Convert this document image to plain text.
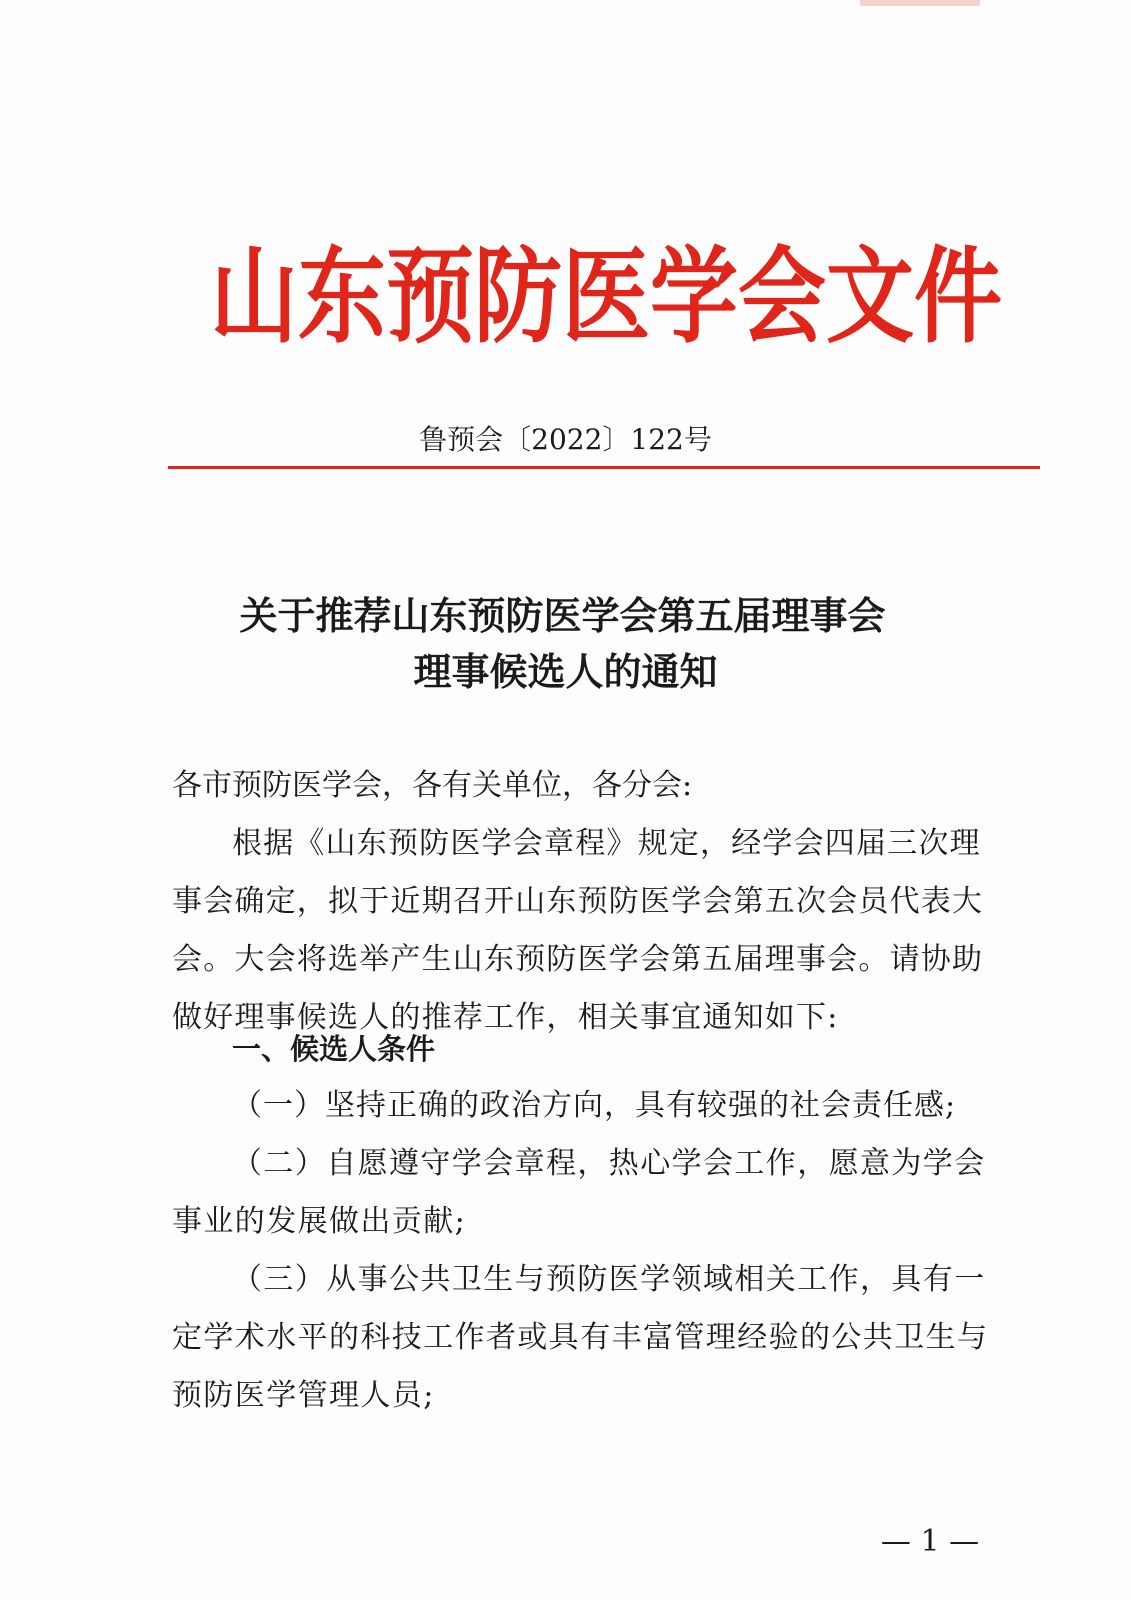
山东预防医学会文件
鲁预会〔2022〕122号
关于推荐山东预防医学会第五届理事会
理事候选人的通知
各市预防医学会，各有关单位，各分会:
根据《山东预防医学会章程》规定，经学会四届三次理事会确定，拟于近期召开山东预防医学会第五次会员代表大会。大会将选举产生山东预防医学会第五届理事会。请协助做好理事候选人的推荐工作，相关事宜通知如下:
一、候选人条件
（一）坚持正确的政治方向，具有较强的社会责任感;
（二）自愿遵守学会章程，热心学会工作，愿意为学会事业的发展做出贡献;
（三）从事公共卫生与预防医学领域相关工作，具有一定学术水平的科技工作者或具有丰富管理经验的公共卫生与预防医学管理人员;
— 1 —
